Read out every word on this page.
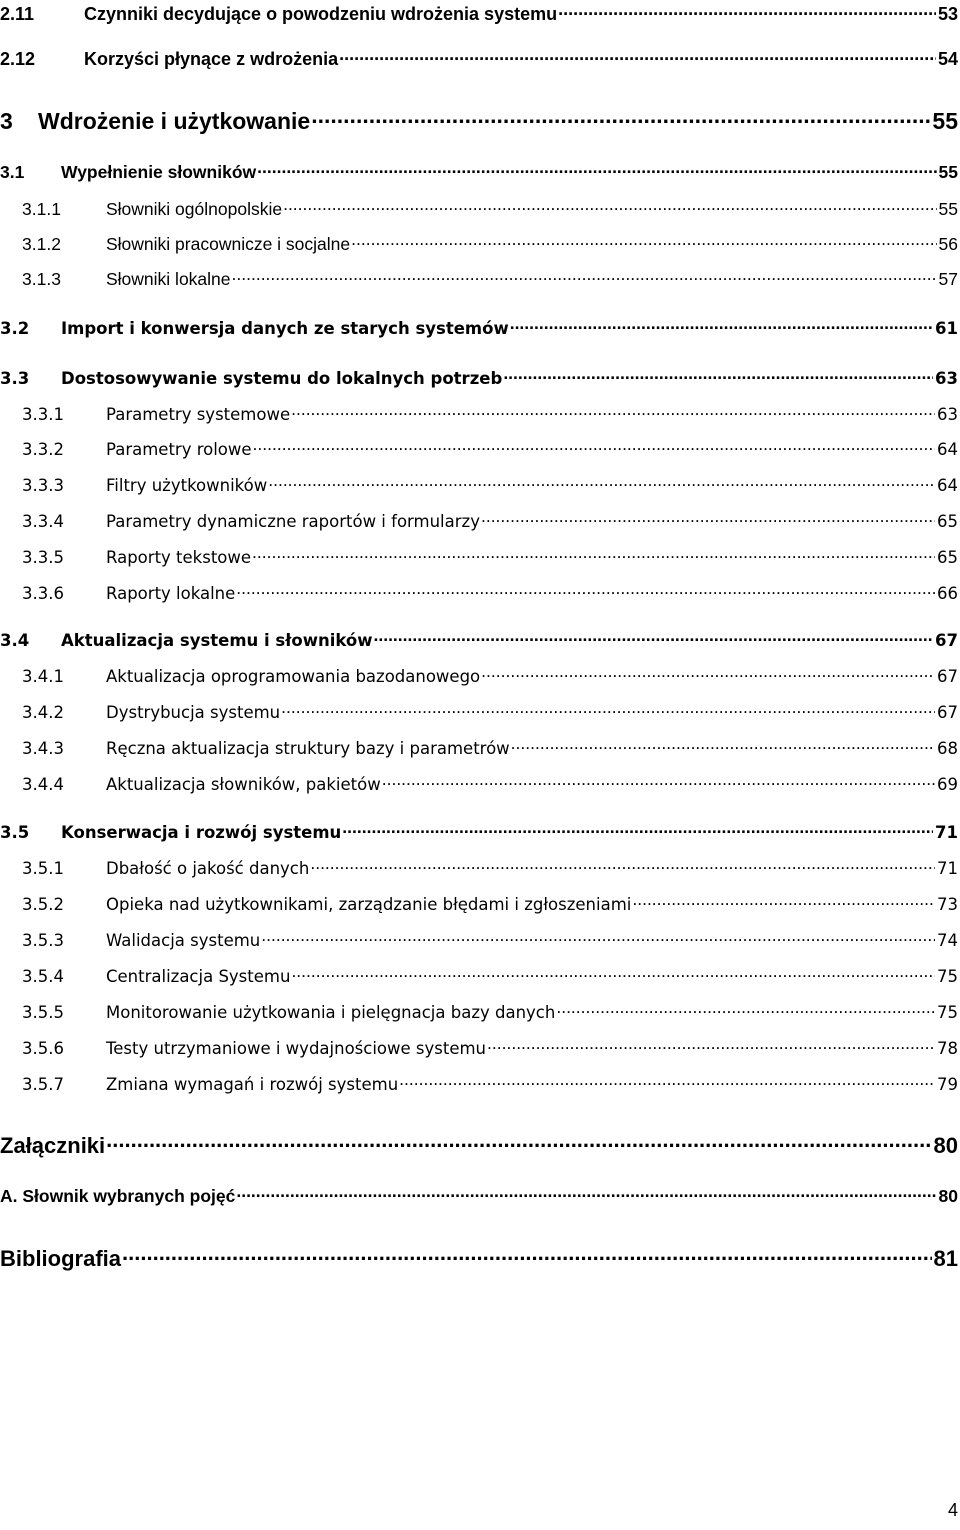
2.11	Czynniki decydujące o powodzeniu wdrożenia systemu .....	53
2.12	Korzyści płynące z wdrożenia .....	54
3	Wdrożenie i użytkowanie .....	55
3.1	Wypełnienie słowników .....	55
3.1.1	Słowniki ogólnopolskie .....	55
3.1.2	Słowniki pracownicze i socjalne .....	56
3.1.3	Słowniki lokalne .....	57
3.2	Import i konwersja danych ze starych systemów .....	61
3.3	Dostosowywanie systemu do lokalnych potrzeb .....	63
3.3.1	Parametry systemowe .....	63
3.3.2	Parametry rolowe .....	64
3.3.3	Filtry użytkowników .....	64
3.3.4	Parametry dynamiczne raportów i formularzy .....	65
3.3.5	Raporty tekstowe .....	65
3.3.6	Raporty lokalne .....	66
3.4	Aktualizacja systemu i słowników .....	67
3.4.1	Aktualizacja oprogramowania bazodanowego .....	67
3.4.2	Dystrybucja systemu .....	67
3.4.3	Ręczna aktualizacja struktury bazy i parametrów .....	68
3.4.4	Aktualizacja słowników, pakietów .....	69
3.5	Konserwacja i rozwój systemu .....	71
3.5.1	Dbałość o jakość danych .....	71
3.5.2	Opieka nad użytkownikami, zarządzanie błędami i zgłoszeniami .....	73
3.5.3	Walidacja systemu .....	74
3.5.4	Centralizacja Systemu .....	75
3.5.5	Monitorowanie użytkowania i pielęgnacja bazy danych .....	75
3.5.6	Testy utrzymaniowe i wydajnościowe systemu .....	78
3.5.7	Zmiana wymagań i rozwój systemu .....	79
Załączniki .....	80
A. Słownik wybranych pojęć .....	80
Bibliografia .....	81
4
